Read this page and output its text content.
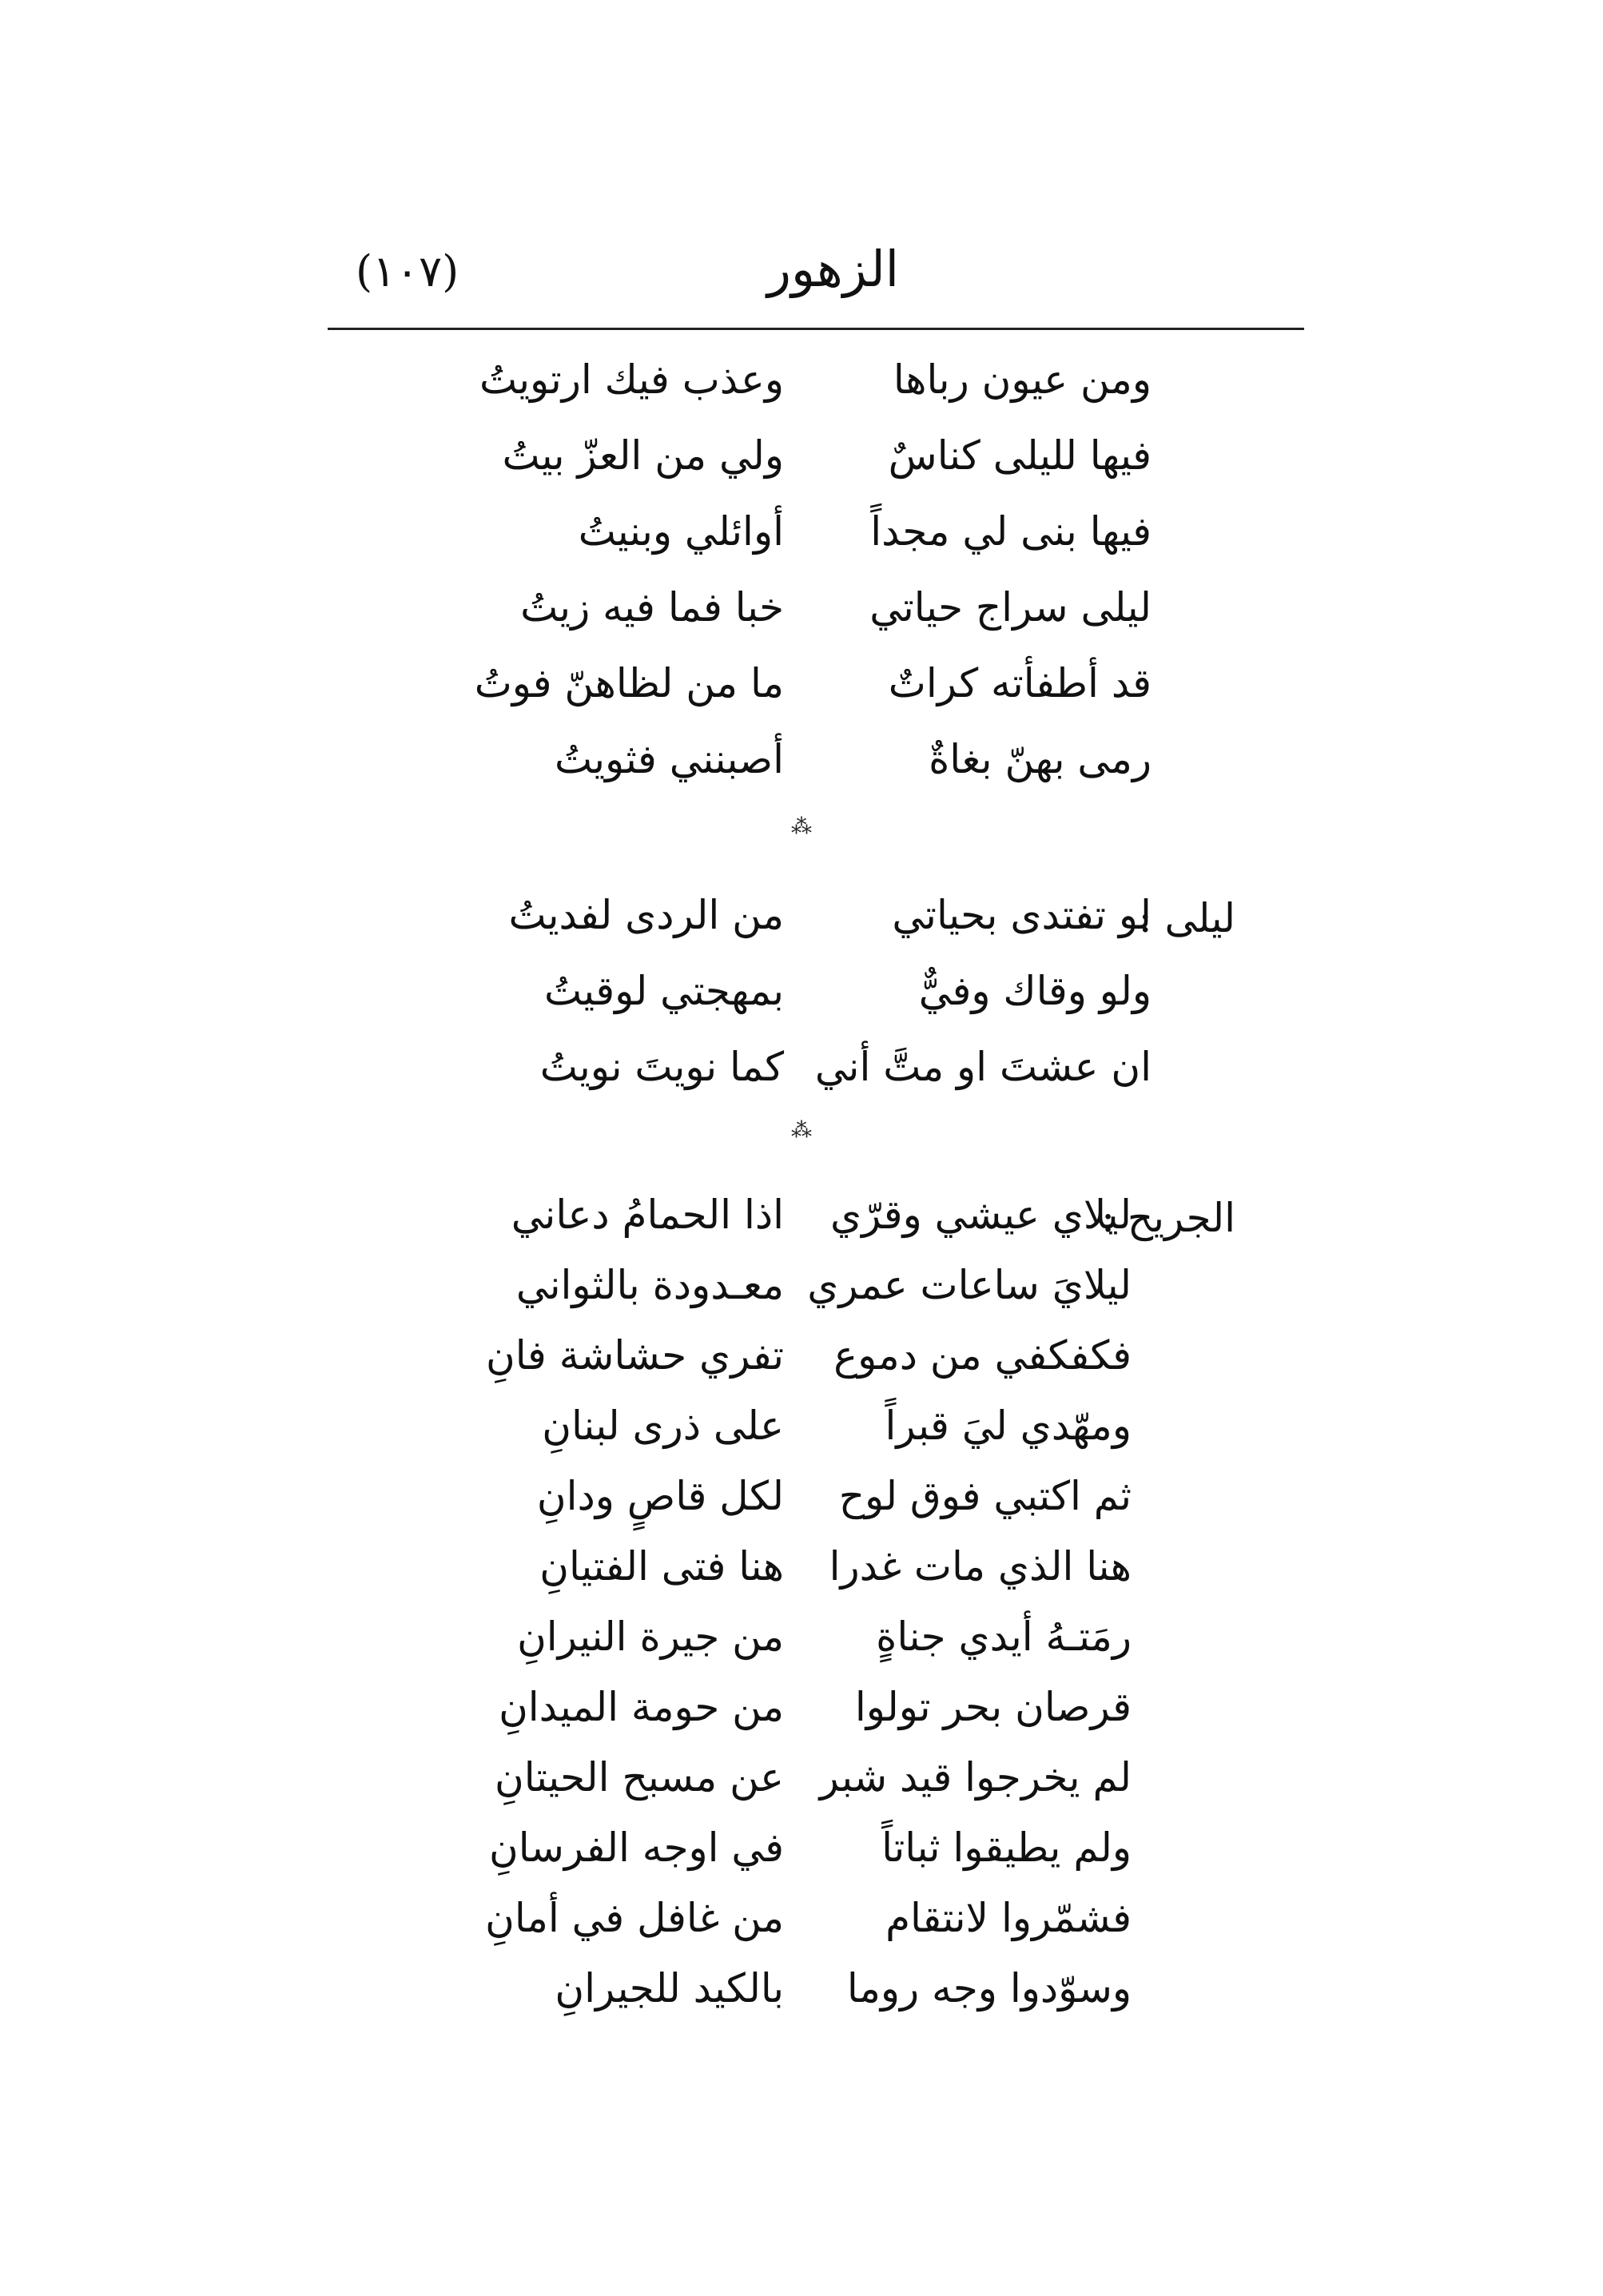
(١٠٧)	الزهور
ومن عيون رباها
وعذب فيك ارتويتُ
فيها لليلى كناسٌ
ولي من العزّ بيتُ
فيها بنى لي مجداً
أوائلي وبنيتُ
ليلى سراج حياتي
خبا فما فيه زيتُ
قد أطفأته كراتٌ
ما من لظاهنّ فوتُ
رمى بهنّ بغاةٌ
أصبنني فثويتُ
⁂
ليلى :
لو تفتدى بحياتي
من الردى لفديتُ
ولو وقاك وفيٌّ
بمهجتي لوقيتُ
ان عشتَ او متَّ أني
كما نويتَ نويتُ
⁂
الجريح :
ليلاي عيشي وقرّي
اذا الحمامُ دعاني
ليلايَ ساعات عمري
معـدودة بالثواني
فكفكفي من دموع
تفري حشاشة فانِ
ومهّدي ليَ قبراً
على ذرى لبنانِ
ثم اكتبي فوق لوح
لكل قاصٍ ودانِ
هنا الذي مات غدرا
هنا فتى الفتيانِ
رمَتـهُ أيدي جناةٍ
من جيرة النيرانِ
قرصان بحر تولوا
من حومة الميدانِ
لم يخرجوا قيد شبر
عن مسبح الحيتانِ
ولم يطيقوا ثباتاً
في اوجه الفرسانِ
فشمّروا لانتقام
من غافل في أمانِ
وسوّدوا وجه روما
بالكيد للجيرانِ
